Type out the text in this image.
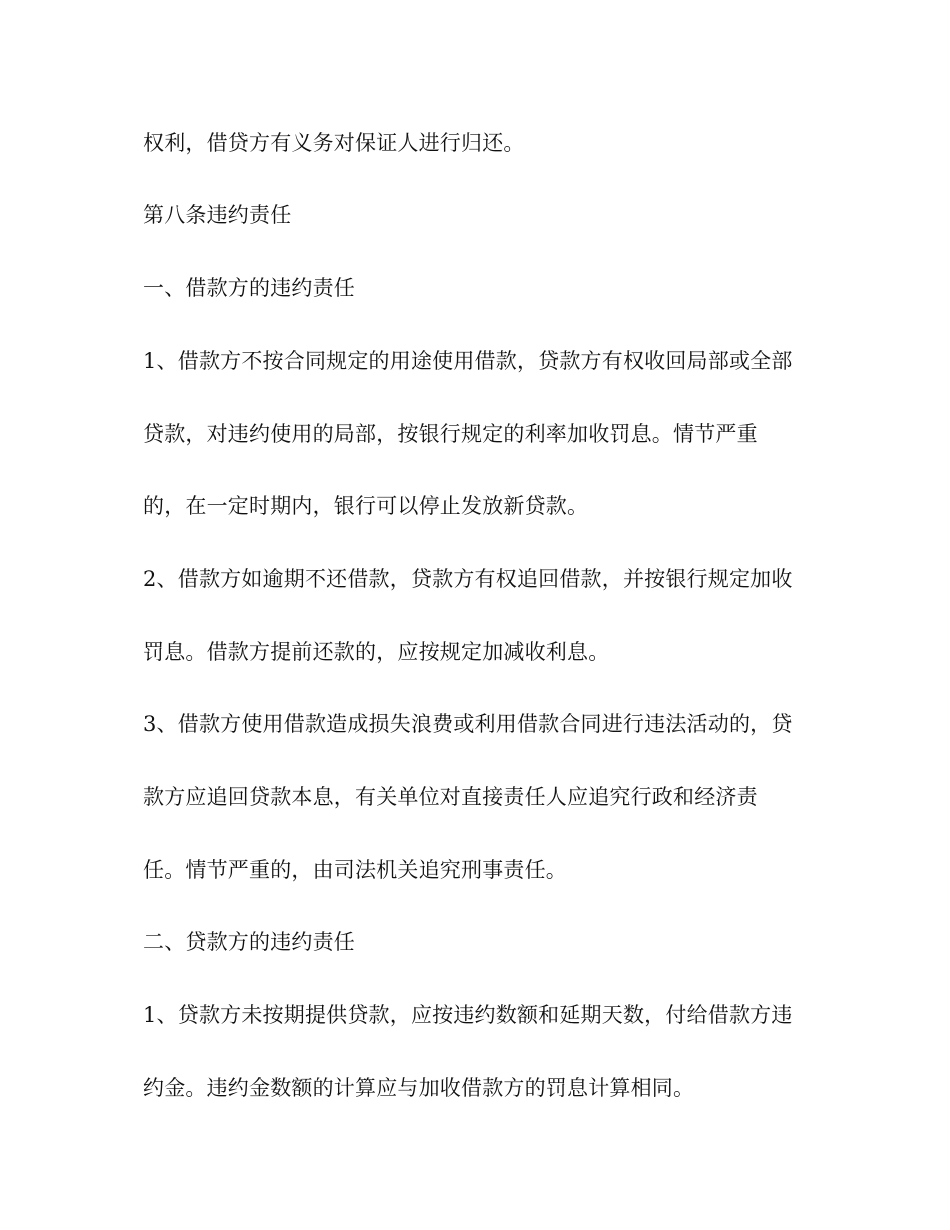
权利，借贷方有义务对保证人进行归还。
第八条违约责任
一、借款方的违约责任
1、借款方不按合同规定的用途使用借款，贷款方有权收回局部或全部
贷款，对违约使用的局部，按银行规定的利率加收罚息。情节严重
的，在一定时期内，银行可以停止发放新贷款。
2、借款方如逾期不还借款，贷款方有权追回借款，并按银行规定加收
罚息。借款方提前还款的，应按规定加减收利息。
3、借款方使用借款造成损失浪费或利用借款合同进行违法活动的，贷
款方应追回贷款本息，有关单位对直接责任人应追究行政和经济责
任。情节严重的，由司法机关追究刑事责任。
二、贷款方的违约责任
1、贷款方未按期提供贷款，应按违约数额和延期天数，付给借款方违
约金。违约金数额的计算应与加收借款方的罚息计算相同。
